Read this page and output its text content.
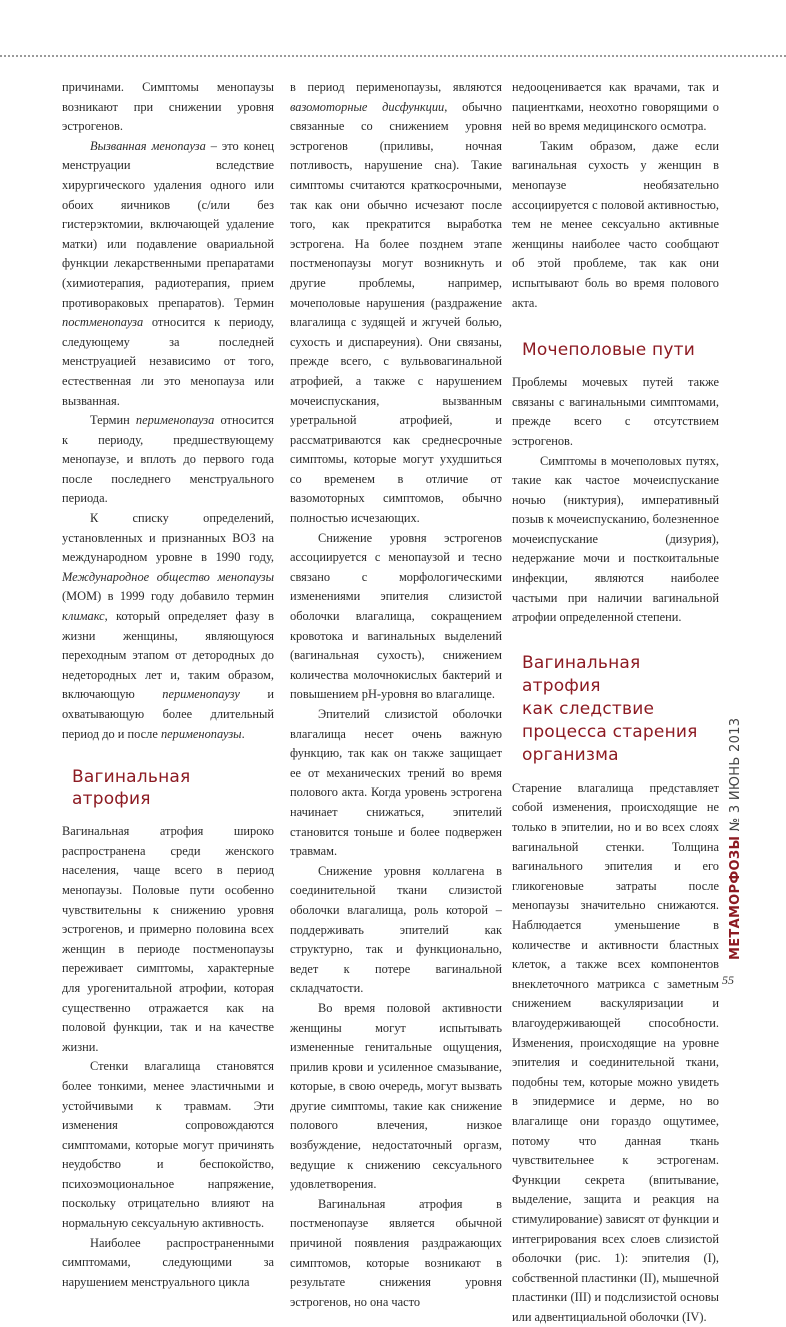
причинами. Симптомы менопаузы возникают при снижении уровня эстрогенов.

Вызванная менопауза – это конец менструации вследствие хирургического удаления одного или обоих яичников (с/или без гистерэктомии, включающей удаление матки) или подавление овариальной функции лекарственными препаратами (химиотерапия, радиотерапия, прием противораковых препаратов). Термин постменопауза относится к периоду, следующему за последней менструацией независимо от того, естественная ли это менопауза или вызванная.

Термин перименопауза относится к периоду, предшествующему менопаузе, и вплоть до первого года после последнего менструального периода.

К списку определений, установленных и признанных ВОЗ на международном уровне в 1990 году, Международное общество менопаузы (МОМ) в 1999 году добавило термин климакс, который определяет фазу в жизни женщины, являющуюся переходным этапом от детородных до недетородных лет и, таким образом, включающую перименопаузу и охватывающую более длительный период до и после перименопаузы.

Вагинальная атрофия

Вагинальная атрофия широко распространена среди женского населения, чаще всего в период менопаузы. Половые пути особенно чувствительны к снижению уровня эстрогенов, и примерно половина всех женщин в периоде постменопаузы переживает симптомы, характерные для урогенитальной атрофии, которая существенно отражается как на половой функции, так и на качестве жизни.

Стенки влагалища становятся более тонкими, менее эластичными и устойчивыми к травмам. Эти изменения сопровождаются симптомами, которые могут причинять неудобство и беспокойство, психоэмоциональное напряжение, поскольку отрицательно влияют на нормальную сексуальную активность.

Наиболее распространенными симптомами, следующими за нарушением менструального цикла

в период перименопаузы, являются вазомоторные дисфункции, обычно связанные со снижением уровня эстрогенов (приливы, ночная потливость, нарушение сна). Такие симптомы считаются краткосрочными, так как они обычно исчезают после того, как прекратится выработка эстрогена. На более позднем этапе постменопаузы могут возникнуть и другие проблемы, например, мочеполовые нарушения (раздражение влагалища с зудящей и жгучей болью, сухость и диспареуния). Они связаны, прежде всего, с вульвовагинальной атрофией, а также с нарушением мочеиспускания, вызванным уретральной атрофией, и рассматриваются как среднесрочные симптомы, которые могут ухудшиться со временем в отличие от вазомоторных симптомов, обычно полностью исчезающих.

Снижение уровня эстрогенов ассоциируется с менопаузой и тесно связано с морфологическими изменениями эпителия слизистой оболочки влагалища, сокращением кровотока и вагинальных выделений (вагинальная сухость), снижением количества молочнокислых бактерий и повышением pH-уровня во влагалище.

Эпителий слизистой оболочки влагалища несет очень важную функцию, так как он также защищает ее от механических трений во время полового акта. Когда уровень эстрогена начинает снижаться, эпителий становится тоньше и более подвержен травмам.

Снижение уровня коллагена в соединительной ткани слизистой оболочки влагалища, роль которой – поддерживать эпителий как структурно, так и функционально, ведет к потере вагинальной складчатости.

Во время половой активности женщины могут испытывать измененные генитальные ощущения, прилив крови и усиленное смазывание, которые, в свою очередь, могут вызвать другие симптомы, такие как снижение полового влечения, низкое возбуждение, недостаточный оргазм, ведущие к снижению сексуального удовлетворения.

Вагинальная атрофия в постменопаузе является обычной причиной появления раздражающих симптомов, которые возникают в результате снижения уровня эстрогенов, но она часто

недооценивается как врачами, так и пациентками, неохотно говорящими о ней во время медицинского осмотра.

Таким образом, даже если вагинальная сухость у женщин в менопаузе необязательно ассоциируется с половой активностью, тем не менее сексуально активные женщины наиболее часто сообщают об этой проблеме, так как они испытывают боль во время полового акта.

Мочеполовые пути

Проблемы мочевых путей также связаны с вагинальными симптомами, прежде всего с отсутствием эстрогенов.

Симптомы в мочеполовых путях, такие как частое мочеиспускание ночью (никтурия), императивный позыв к мочеиспусканию, болезненное мочеиспускание (дизурия), недержание мочи и посткоитальные инфекции, являются наиболее частыми при наличии вагинальной атрофии определенной степени.

Вагинальная атрофия
как следствие
процесса старения
организма

Старение влагалища представляет собой изменения, происходящие не только в эпителии, но и во всех слоях вагинальной стенки. Толщина вагинального эпителия и его гликогеновые затраты после менопаузы значительно снижаются. Наблюдается уменьшение в количестве и активности бластных клеток, а также всех компонентов внеклеточного матрикса с заметным снижением васкуляризации и влагоудерживающей способности. Изменения, происходящие на уровне эпителия и соединительной ткани, подобны тем, которые можно увидеть в эпидермисе и дерме, но во влагалище они гораздо ощутимее, потому что данная ткань чувствительнее к эстрогенам. Функции секрета (впитывание, выделение, защита и реакция на стимулирование) зависят от функции и интегрирования всех слоев слизистой оболочки (рис. 1): эпителия (I), собственной пластинки (II), мышечной пластинки (III) и подслизистой основы или адвентициальной оболочки (IV).

МЕТАМОРФОЗЫ № 3 ИЮНЬ 2013
55
